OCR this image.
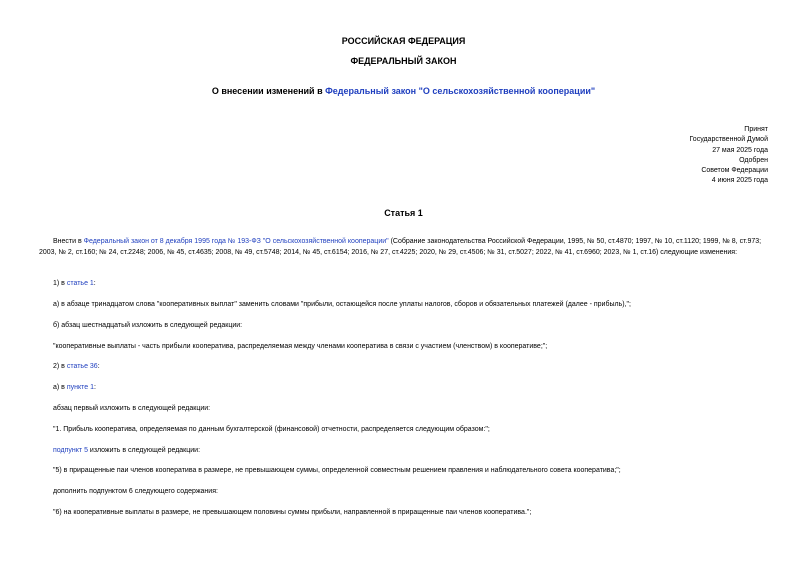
РОССИЙСКАЯ ФЕДЕРАЦИЯ
ФЕДЕРАЛЬНЫЙ ЗАКОН
О внесении изменений в Федеральный закон "О сельскохозяйственной кооперации"
Принят
Государственной Думой
27 мая 2025 года
Одобрен
Советом Федерации
4 июня 2025 года
Статья 1
Внести в Федеральный закон от 8 декабря 1995 года № 193-ФЗ "О сельскохозяйственной кооперации" (Собрание законодательства Российской Федерации, 1995, № 50, ст.4870; 1997, № 10, ст.1120; 1999, № 8, ст.973; 2003, № 2, ст.160; № 24, ст.2248; 2006, № 45, ст.4635; 2008, № 49, ст.5748; 2014, № 45, ст.6154; 2016, № 27, ст.4225; 2020, № 29, ст.4506; № 31, ст.5027; 2022, № 41, ст.6960; 2023, № 1, ст.16) следующие изменения:
1) в статье 1:
а) в абзаце тринадцатом слова "кооперативных выплат" заменить словами "прибыли, остающейся после уплаты налогов, сборов и обязательных платежей (далее - прибыль),";
б) абзац шестнадцатый изложить в следующей редакции:
"кооперативные выплаты - часть прибыли кооператива, распределяемая между членами кооператива в связи с участием (членством) в кооперативе;";
2) в статье 36:
а) в пункте 1:
абзац первый изложить в следующей редакции:
"1. Прибыль кооператива, определяемая по данным бухгалтерской (финансовой) отчетности, распределяется следующим образом:";
подпункт 5 изложить в следующей редакции:
"5) в приращенные паи членов кооператива в размере, не превышающем суммы, определенной совместным решением правления и наблюдательного совета кооператива;";
дополнить подпунктом 6 следующего содержания:
"6) на кооперативные выплаты в размере, не превышающем половины суммы прибыли, направленной в приращенные паи членов кооператива.";
